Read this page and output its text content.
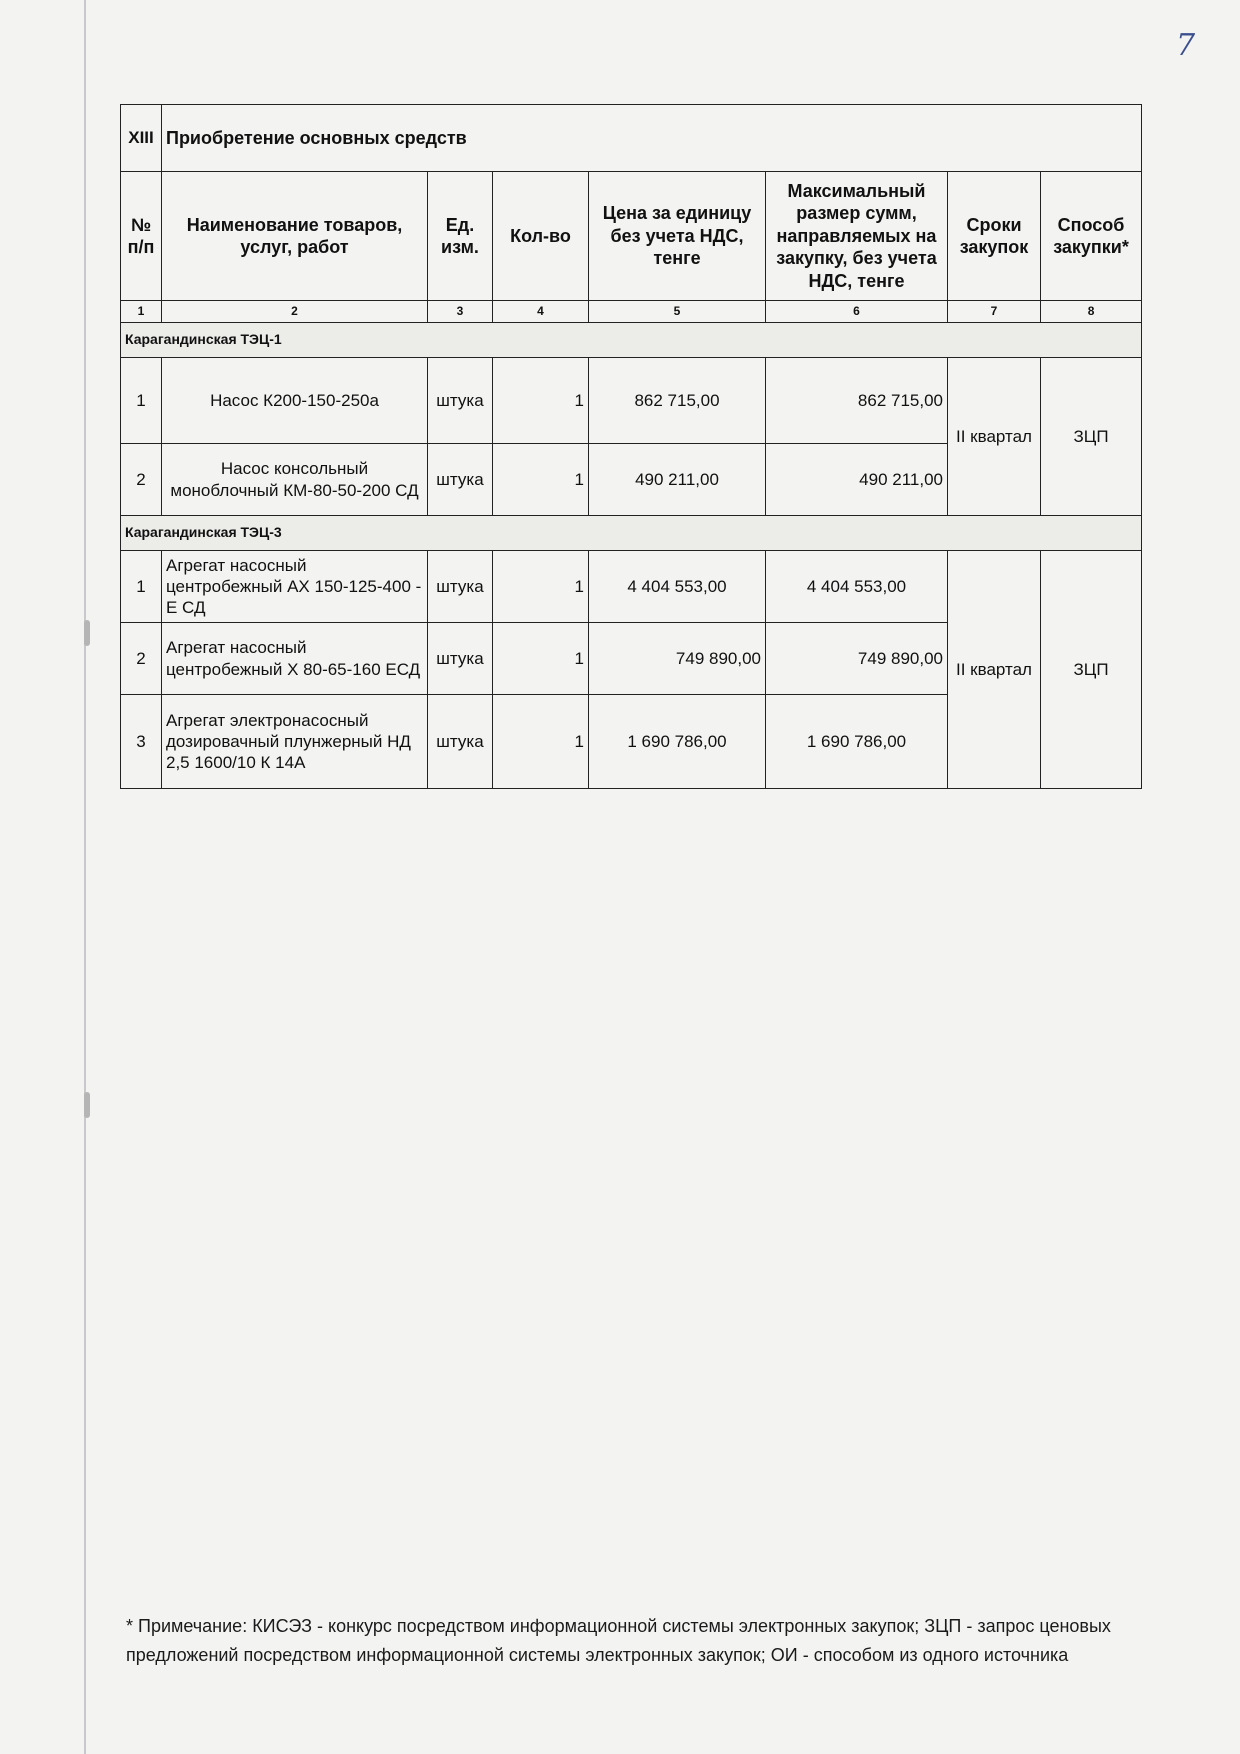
7
XIII	Приобретение основных средств						
№ п/п	Наименование товаров, услуг, работ	Ед. изм.	Кол-во	Цена за единицу без учета НДС, тенге	Максимальный размер сумм, направляемых на закупку, без учета НДС, тенге	Сроки закупок	Способ закупки*
1	2	3	4	5	6	7	8
Карагандинская ТЭЦ-1							
1	Насос К200-150-250а	штука	1	862 715,00	862 715,00	II квартал	ЗЦП
2	Насос консольный моноблочный КМ-80-50-200 СД	штука	1	490 211,00	490 211,00		
Карагандинская ТЭЦ-3							
1	Агрегат насосный центробежный АХ 150-125-400 - Е СД	штука	1	4 404 553,00	4 404 553,00	II квартал	ЗЦП
2	Агрегат насосный центробежный Х 80-65-160 ЕСД	штука	1	749 890,00	749 890,00		
3	Агрегат электронасосный дозировачный плунжерный НД 2,5 1600/10 К 14А	штука	1	1 690 786,00	1 690 786,00		
* Примечание: КИСЭЗ - конкурс посредством информационной системы электронных закупок; ЗЦП - запрос ценовых предложений посредством информационной системы электронных закупок; ОИ - способом из одного источника
